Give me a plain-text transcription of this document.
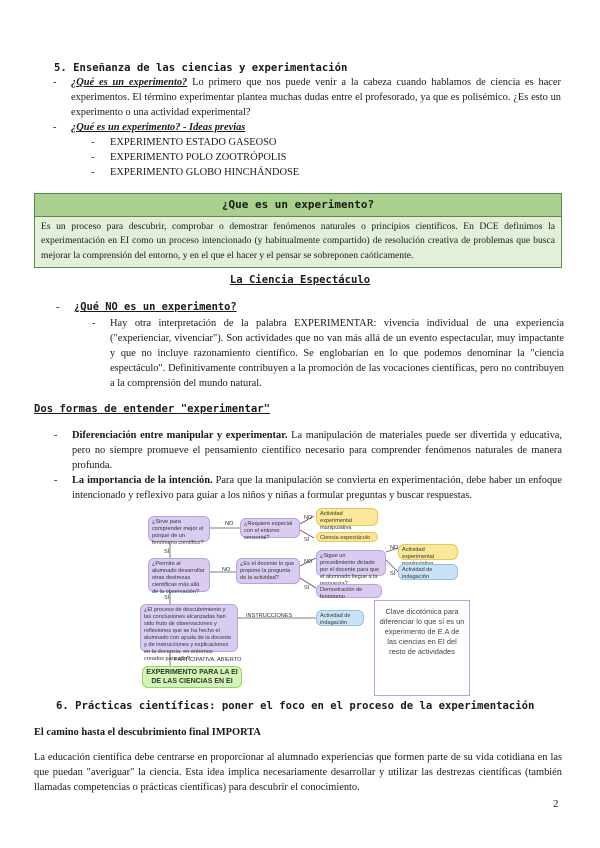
5. Enseñanza de las ciencias y experimentación
- ¿Qué es un experimento? Lo primero que nos puede venir a la cabeza cuando hablamos de ciencia es hacer experimentos. El término experimentar plantea muchas dudas entre el profesorado, ya que es polisémico. ¿Es esto un experimento o una actividad experimental?
- ¿Qué es un experimento? - Ideas previas
- EXPERIMENTO ESTADO GASEOSO
- EXPERIMENTO POLO ZOOTRÓPOLIS
- EXPERIMENTO GLOBO HINCHÁNDOSE
¿Que es un experimento?
Es un proceso para descubrir, comprobar o demostrar fenómenos naturales o principios científicos. En DCE definimos la experimentación en EI como un proceso intencionado (y habitualmente compartido) de resolución creativa de problemas que busca mejorar la comprensión del entorno, y en el que el hacer y el pensar se sobreponen caóticamente.
La Ciencia Espectáculo
- ¿Qué NO es un experimento?
- Hay otra interpretación de la palabra EXPERIMENTAR: vivencia individual de una experiencia ("experienciar, vivenciar"). Son actividades que no van más allá de un evento espectacular, muy impactante y que no incluye razonamiento científico. Se englobarían en lo que podemos denominar la "ciencia espectáculo". Definitivamente contribuyen a la promoción de las vocaciones científicas, pero no contribuyen a la comprensión del mundo natural.
Dos formas de entender "experimentar"
- Diferenciación entre manipular y experimentar. La manipulación de materiales puede ser divertida y educativa, pero no siempre promueve el pensamiento científico necesario para comprender fenómenos naturales de manera profunda.
- La importancia de la intención. Para que la manipulación se convierta en experimentación, debe haber un enfoque intencionado y reflexivo para guiar a los niños y niñas a formular preguntas y buscar respuestas.
¿Sirve para comprender mejor el porqué de un fenómeno científico?
NO	¿Requiere especial con el entorno sensorial?
NO
Actividad experimental manipulativa
SÍ	Ciencia espectáculo
SÍ
¿Permite al alumnado desarrollar otras destrezas científicas más allá de la observación?
NO
¿Es el docente lo que propone la pregunta de la actividad?
NO
¿Sigue un procedimiento dictado por el docente para que el alumnado llegue a la
NO Actividad experimental
SÍ
Actividad de indagación
SÍ	Demostración de fenómeno
SÍ
¿El proceso de descubrimiento y las conclusiones alcanzadas han sido fruto de observaciones y reflexiones que se ha hecho el alumnado con ayuda de la docente y de instrucciones y explicaciones en la docencia, en entornos creados para ello?
INSTRUCCIONES	Actividad de indagación
PARTICIPATIVA, ABIERTO
EXPERIMENTO PARA LA EI DE LAS CIENCIAS EN EI
Clave dicotómica para diferenciar lo que sí es un experimento de E.A de las ciencias en EI del resto de actividades
6. Prácticas científicas: poner el foco en el proceso de la experimentación
El camino hasta el descubrimiento final IMPORTA
La educación científica debe centrarse en proporcionar al alumnado experiencias que formen parte de su vida cotidiana en las que puedan "averiguar" la ciencia. Esta idea implica necesariamente desarrollar y utilizar las destrezas científicas (también llamadas competencias o prácticas científicas) para descubrir el conocimiento.
2
